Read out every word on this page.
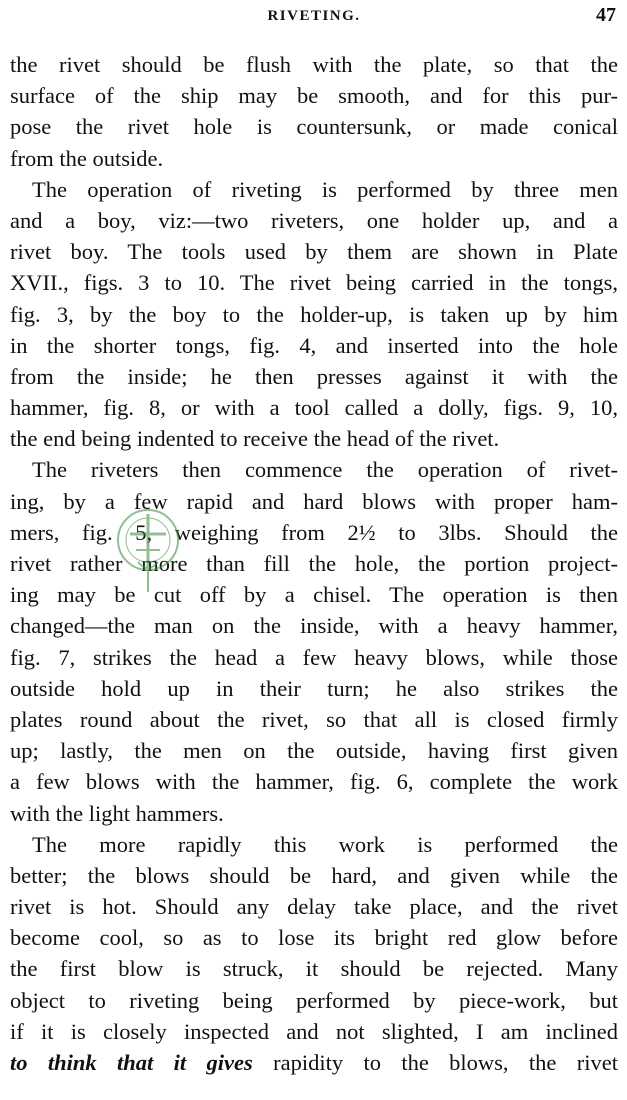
RIVETING.	47
the rivet should be flush with the plate, so that the
surface of the ship may be smooth, and for this pur-
pose the rivet hole is countersunk, or made conical
from the outside.
The operation of riveting is performed by three men
and a boy, viz:—two riveters, one holder up, and a
rivet boy. The tools used by them are shown in Plate
XVII., figs. 3 to 10. The rivet being carried in the tongs,
fig. 3, by the boy to the holder-up, is taken up by him
in the shorter tongs, fig. 4, and inserted into the hole
from the inside; he then presses against it with the
hammer, fig. 8, or with a tool called a dolly, figs. 9, 10,
the end being indented to receive the head of the rivet.
The riveters then commence the operation of rivet-
ing, by a few rapid and hard blows with proper ham-
mers, fig. 5, weighing from 2½ to 3lbs. Should the
rivet rather more than fill the hole, the portion project-
ing may be cut off by a chisel. The operation is then
changed—the man on the inside, with a heavy hammer,
fig. 7, strikes the head a few heavy blows, while those
outside hold up in their turn; he also strikes the
plates round about the rivet, so that all is closed firmly
up; lastly, the men on the outside, having first given
a few blows with the hammer, fig. 6, complete the work
with the light hammers.
The more rapidly this work is performed the
better; the blows should be hard, and given while the
rivet is hot. Should any delay take place, and the rivet
become cool, so as to lose its bright red glow before
the first blow is struck, it should be rejected. Many
object to riveting being performed by piece-work, but
if it is closely inspected and not slighted, I am inclined
to think that it gives rapidity to the blows, the rivet
